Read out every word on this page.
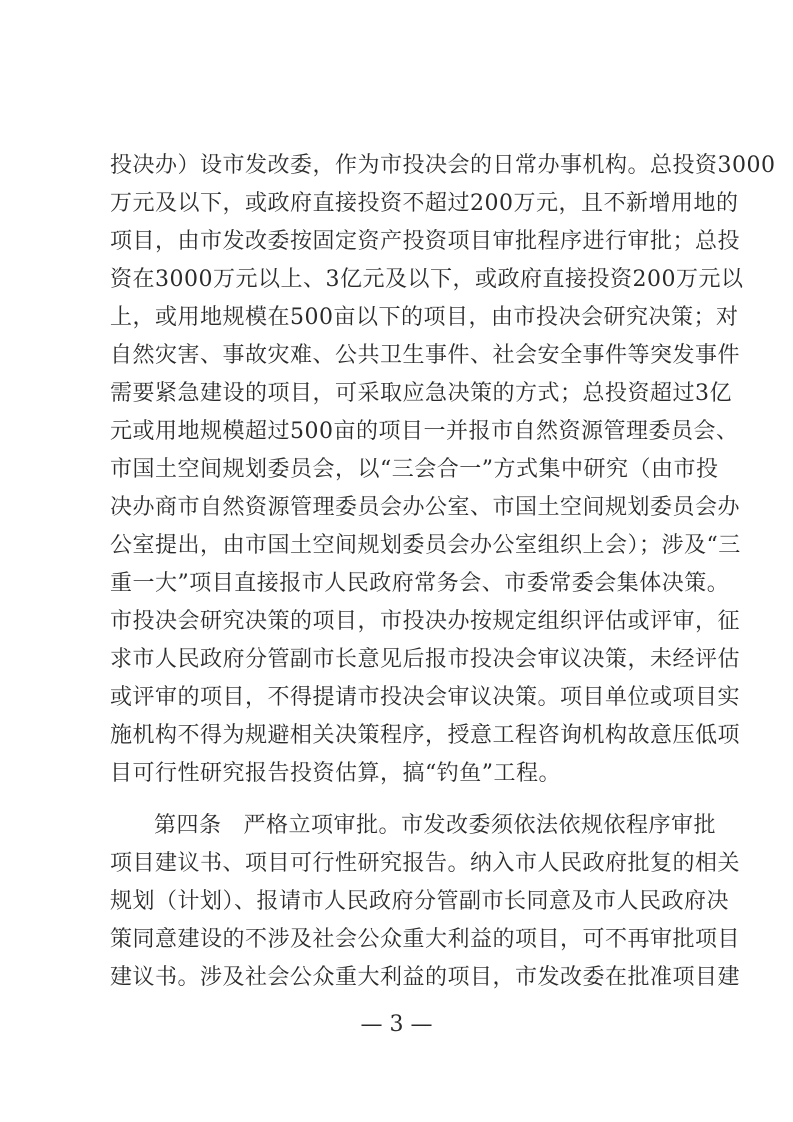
投决办）设市发改委，作为市投决会的日常办事机构。总投资3000
万元及以下，或政府直接投资不超过200万元，且不新增用地的
项目，由市发改委按固定资产投资项目审批程序进行审批；总投
资在3000万元以上、3亿元及以下，或政府直接投资200万元以
上，或用地规模在500亩以下的项目，由市投决会研究决策；对
自然灾害、事故灾难、公共卫生事件、社会安全事件等突发事件
需要紧急建设的项目，可采取应急决策的方式；总投资超过3亿
元或用地规模超过500亩的项目一并报市自然资源管理委员会、
市国土空间规划委员会，以“三会合一”方式集中研究（由市投
决办商市自然资源管理委员会办公室、市国土空间规划委员会办
公室提出，由市国土空间规划委员会办公室组织上会）；涉及“三
重一大”项目直接报市人民政府常务会、市委常委会集体决策。
市投决会研究决策的项目，市投决办按规定组织评估或评审，征
求市人民政府分管副市长意见后报市投决会审议决策，未经评估
或评审的项目，不得提请市投决会审议决策。项目单位或项目实
施机构不得为规避相关决策程序，授意工程咨询机构故意压低项
目可行性研究报告投资估算，搞“钓鱼”工程。
第四条 严格立项审批。市发改委须依法依规依程序审批
项目建议书、项目可行性研究报告。纳入市人民政府批复的相关
规划（计划）、报请市人民政府分管副市长同意及市人民政府决
策同意建设的不涉及社会公众重大利益的项目，可不再审批项目
建议书。涉及社会公众重大利益的项目，市发改委在批准项目建
— 3 —
